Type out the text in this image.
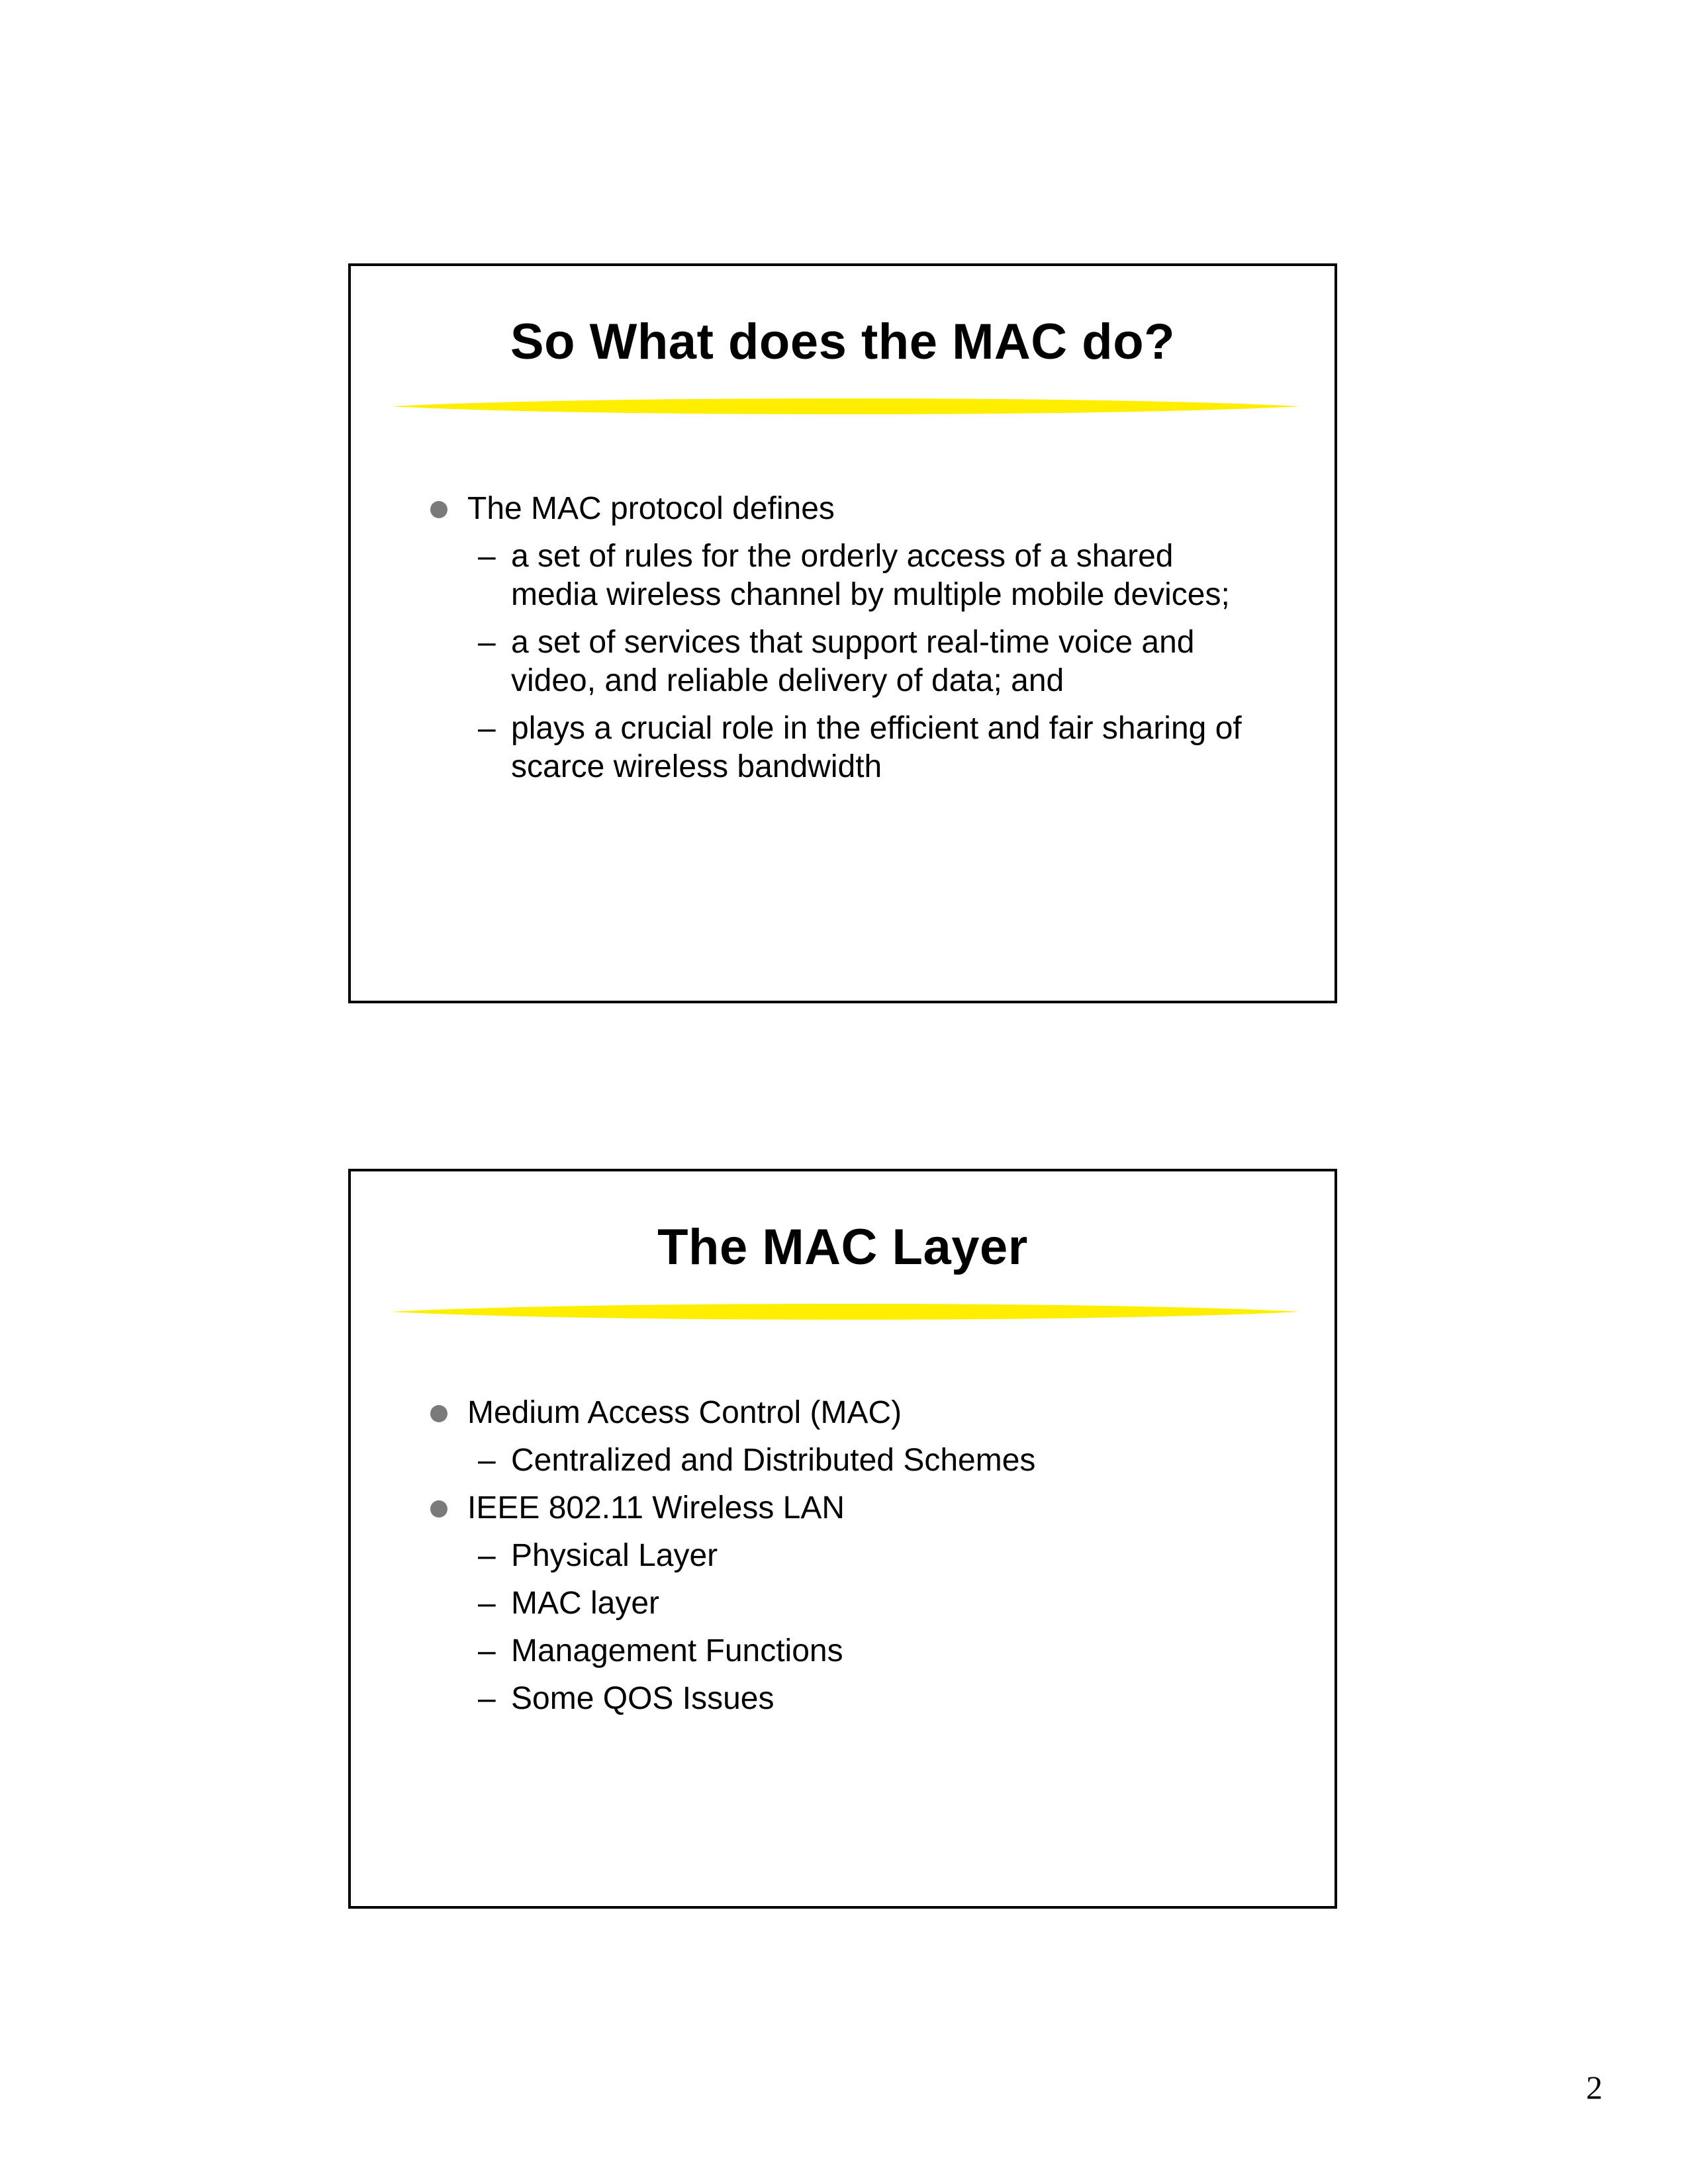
So What does the MAC do?
The MAC protocol defines
– a set of rules for the orderly access of a shared media wireless channel by multiple mobile devices;
– a set of services that support real-time voice and video, and reliable delivery of data; and
– plays a crucial role in the efficient and fair sharing of scarce wireless bandwidth
The MAC Layer
Medium Access Control (MAC)
– Centralized and Distributed Schemes
IEEE 802.11 Wireless LAN
– Physical Layer
– MAC layer
– Management Functions
– Some QOS Issues
2
